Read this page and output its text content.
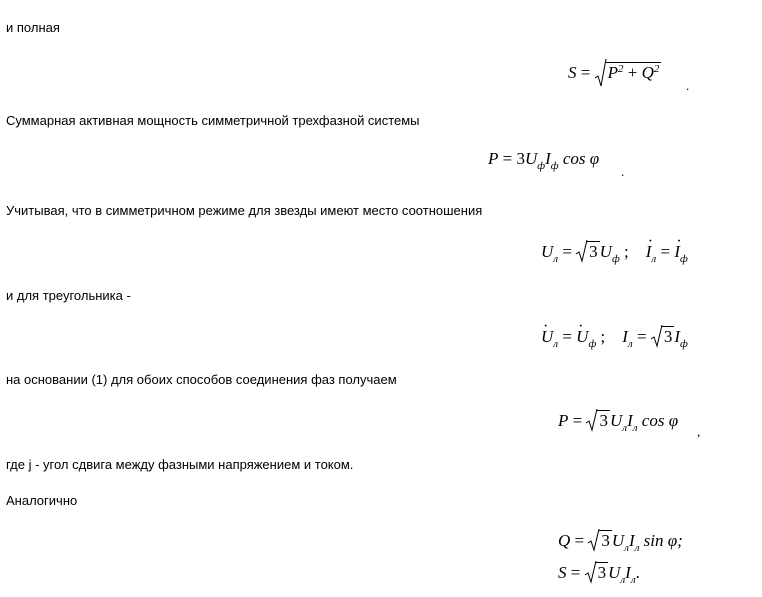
и полная
S =
$P^2 + Q^2$
.
Суммарная активная мощность симметричной трехфазной системы
$P = 3U_фI_ф$ cos φ
.
Учитывая, что в симметричном режиме для звезды имеют место соотношения
$U_л$ =
3 $U_ф$ ;    · $I_л$ = · $I_ф$
и для треугольника -
· $U_л$ = · $U_ф$ ;    $I_л$ =
3 $I_ф$
на основании (1) для обоих способов соединения фаз получаем
P =
3 $U_лI_л$ cos φ
,
где j - угол сдвига между фазными напряжением и током.
Аналогично
Q =
3 $U_лI_л$ sin φ;
S =
3 $U_лI_л$.
